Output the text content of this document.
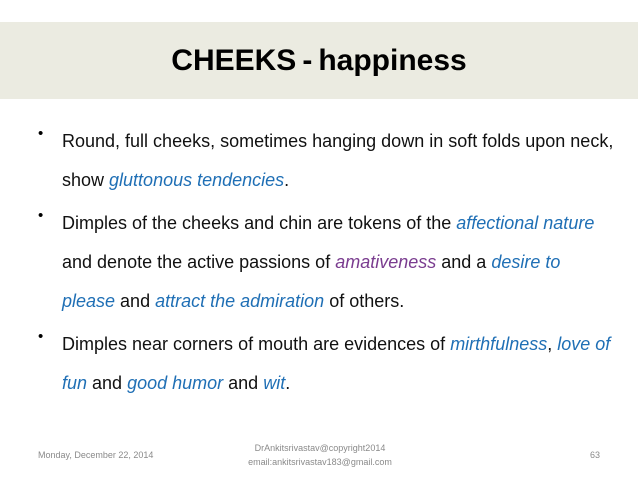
CHEEKS - happiness
• Round, full cheeks, sometimes hanging down in soft folds upon neck, show gluttonous tendencies.
• Dimples of the cheeks and chin are tokens of the affectional nature and denote the active passions of amativeness and a desire to please and attract the admiration of others.
• Dimples near corners of mouth are evidences of mirthfulness, love of fun and good humor and wit.
Monday, December 22, 2014
DrAnkitsrivastav@copyright2014
email:ankitsrivastav183@gmail.com
63
